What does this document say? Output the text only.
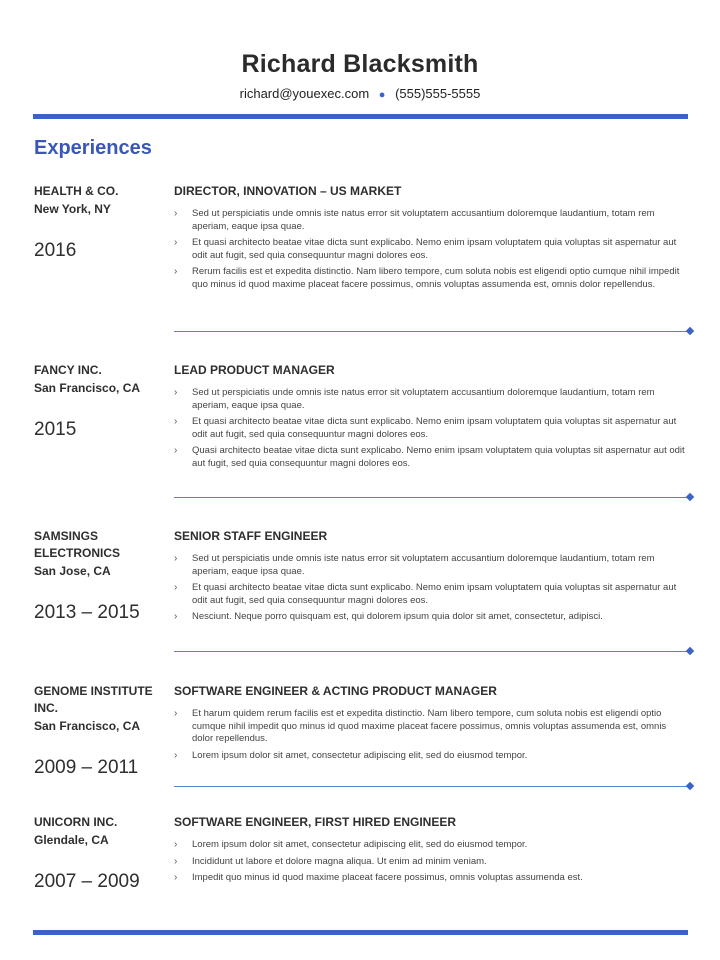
Richard Blacksmith
richard@youexec.com ● (555)555-5555
Experiences
HEALTH & CO.
New York, NY
2016
DIRECTOR, INNOVATION – US MARKET
› Sed ut perspiciatis unde omnis iste natus error sit voluptatem accusantium doloremque laudantium, totam rem aperiam, eaque ipsa quae.
› Et quasi architecto beatae vitae dicta sunt explicabo. Nemo enim ipsam voluptatem quia voluptas sit aspernatur aut odit aut fugit, sed quia consequuntur magni dolores eos.
› Rerum facilis est et expedita distinctio. Nam libero tempore, cum soluta nobis est eligendi optio cumque nihil impedit quo minus id quod maxime placeat facere possimus, omnis voluptas assumenda est, omnis dolor repellendus.
FANCY INC.
San Francisco, CA
2015
LEAD PRODUCT MANAGER
› Sed ut perspiciatis unde omnis iste natus error sit voluptatem accusantium doloremque laudantium, totam rem aperiam, eaque ipsa quae.
› Et quasi architecto beatae vitae dicta sunt explicabo. Nemo enim ipsam voluptatem quia voluptas sit aspernatur aut odit aut fugit, sed quia consequuntur magni dolores eos.
› Quasi architecto beatae vitae dicta sunt explicabo. Nemo enim ipsam voluptatem quia voluptas sit aspernatur aut odit aut fugit, sed quia consequuntur magni dolores eos.
SAMSINGS ELECTRONICS
San Jose, CA
2013 – 2015
SENIOR STAFF ENGINEER
› Sed ut perspiciatis unde omnis iste natus error sit voluptatem accusantium doloremque laudantium, totam rem aperiam, eaque ipsa quae.
› Et quasi architecto beatae vitae dicta sunt explicabo. Nemo enim ipsam voluptatem quia voluptas sit aspernatur aut odit aut fugit, sed quia consequuntur magni dolores eos.
› Nesciunt. Neque porro quisquam est, qui dolorem ipsum quia dolor sit amet, consectetur, adipisci.
GENOME INSTITUTE INC.
San Francisco, CA
2009 – 2011
SOFTWARE ENGINEER & ACTING PRODUCT MANAGER
› Et harum quidem rerum facilis est et expedita distinctio. Nam libero tempore, cum soluta nobis est eligendi optio cumque nihil impedit quo minus id quod maxime placeat facere possimus, omnis voluptas assumenda est, omnis dolor repellendus.
› Lorem ipsum dolor sit amet, consectetur adipiscing elit, sed do eiusmod tempor.
UNICORN INC.
Glendale, CA
2007 – 2009
SOFTWARE ENGINEER, FIRST HIRED ENGINEER
› Lorem ipsum dolor sit amet, consectetur adipiscing elit, sed do eiusmod tempor.
› Incididunt ut labore et dolore magna aliqua. Ut enim ad minim veniam.
› Impedit quo minus id quod maxime placeat facere possimus, omnis voluptas assumenda est.
